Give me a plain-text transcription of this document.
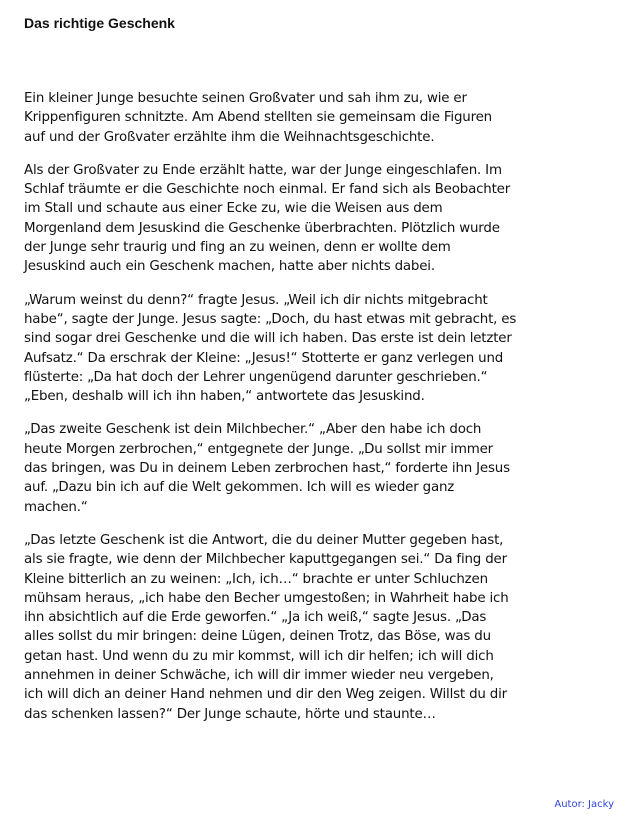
Das richtige Geschenk

Ein kleiner Junge besuchte seinen Großvater und sah ihm zu, wie er
Krippenfiguren schnitzte. Am Abend stellten sie gemeinsam die Figuren
auf und der Großvater erzählte ihm die Weihnachtsgeschichte.

Als der Großvater zu Ende erzählt hatte, war der Junge eingeschlafen. Im
Schlaf träumte er die Geschichte noch einmal. Er fand sich als Beobachter
im Stall und schaute aus einer Ecke zu, wie die Weisen aus dem
Morgenland dem Jesuskind die Geschenke überbrachten. Plötzlich wurde
der Junge sehr traurig und fing an zu weinen, denn er wollte dem
Jesuskind auch ein Geschenk machen, hatte aber nichts dabei.

„Warum weinst du denn?“ fragte Jesus. „Weil ich dir nichts mitgebracht
habe“, sagte der Junge. Jesus sagte: „Doch, du hast etwas mit gebracht, es
sind sogar drei Geschenke und die will ich haben. Das erste ist dein letzter
Aufsatz.“ Da erschrak der Kleine: „Jesus!“ Stotterte er ganz verlegen und
flüsterte: „Da hat doch der Lehrer ungenügend darunter geschrieben.“
„Eben, deshalb will ich ihn haben,“ antwortete das Jesuskind.

„Das zweite Geschenk ist dein Milchbecher.“ „Aber den habe ich doch
heute Morgen zerbrochen,“ entgegnete der Junge. „Du sollst mir immer
das bringen, was Du in deinem Leben zerbrochen hast,“ forderte ihn Jesus
auf. „Dazu bin ich auf die Welt gekommen. Ich will es wieder ganz
machen.“

„Das letzte Geschenk ist die Antwort, die du deiner Mutter gegeben hast,
als sie fragte, wie denn der Milchbecher kaputtgegangen sei.“ Da fing der
Kleine bitterlich an zu weinen: „Ich, ich…“ brachte er unter Schluchzen
mühsam heraus, „ich habe den Becher umgestoßen; in Wahrheit habe ich
ihn absichtlich auf die Erde geworfen.“ „Ja ich weiß,“ sagte Jesus. „Das
alles sollst du mir bringen: deine Lügen, deinen Trotz, das Böse, was du
getan hast. Und wenn du zu mir kommst, will ich dir helfen; ich will dich
annehmen in deiner Schwäche, ich will dir immer wieder neu vergeben,
ich will dich an deiner Hand nehmen und dir den Weg zeigen. Willst du dir
das schenken lassen?“ Der Junge schaute, hörte und staunte…

Autor: Jacky
